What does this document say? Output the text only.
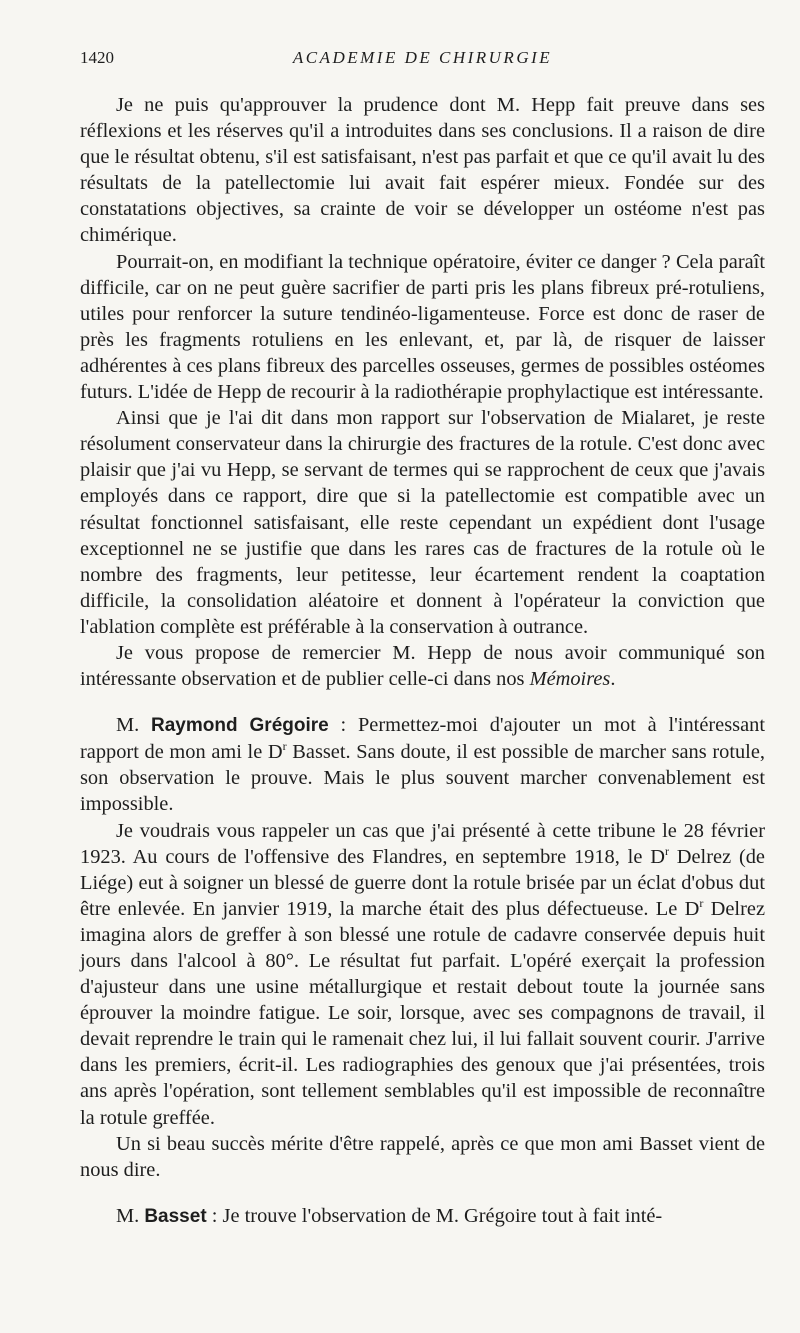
1420	ACADEMIE DE CHIRURGIE

Je ne puis qu'approuver la prudence dont M. Hepp fait preuve dans ses réflexions et les réserves qu'il a introduites dans ses conclusions. Il a raison de dire que le résultat obtenu, s'il est satisfaisant, n'est pas parfait et que ce qu'il avait lu des résultats de la patellectomie lui avait fait espérer mieux. Fondée sur des constatations objectives, sa crainte de voir se développer un ostéome n'est pas chimérique.

Pourrait-on, en modifiant la technique opératoire, éviter ce danger ? Cela paraît difficile, car on ne peut guère sacrifier de parti pris les plans fibreux pré-rotuliens, utiles pour renforcer la suture tendinéo-ligamenteuse. Force est donc de raser de près les fragments rotuliens en les enlevant, et, par là, de risquer de laisser adhérentes à ces plans fibreux des parcelles osseuses, germes de possibles ostéomes futurs. L'idée de Hepp de recourir à la radiothérapie prophylactique est intéressante.

Ainsi que je l'ai dit dans mon rapport sur l'observation de Mialaret, je reste résolument conservateur dans la chirurgie des fractures de la rotule. C'est donc avec plaisir que j'ai vu Hepp, se servant de termes qui se rapprochent de ceux que j'avais employés dans ce rapport, dire que si la patellectomie est compatible avec un résultat fonctionnel satisfaisant, elle reste cependant un expédient dont l'usage exceptionnel ne se justifie que dans les rares cas de fractures de la rotule où le nombre des fragments, leur petitesse, leur écartement rendent la coaptation difficile, la consolidation aléatoire et donnent à l'opérateur la conviction que l'ablation complète est préférable à la conservation à outrance.

Je vous propose de remercier M. Hepp de nous avoir communiqué son intéressante observation et de publier celle-ci dans nos Mémoires.

M. Raymond Grégoire : Permettez-moi d'ajouter un mot à l'intéressant rapport de mon ami le $D^r$ Basset. Sans doute, il est possible de marcher sans rotule, son observation le prouve. Mais le plus souvent marcher convenablement est impossible.

Je voudrais vous rappeler un cas que j'ai présenté à cette tribune le 28 février 1923. Au cours de l'offensive des Flandres, en septembre 1918, le $D^r$ Delrez (de Liége) eut à soigner un blessé de guerre dont la rotule brisée par un éclat d'obus dut être enlevée. En janvier 1919, la marche était des plus défectueuse. Le $D^r$ Delrez imagina alors de greffer à son blessé une rotule de cadavre conservée depuis huit jours dans l'alcool à 80°. Le résultat fut parfait. L'opéré exerçait la profession d'ajusteur dans une usine métallurgique et restait debout toute la journée sans éprouver la moindre fatigue. Le soir, lorsque, avec ses compagnons de travail, il devait reprendre le train qui le ramenait chez lui, il lui fallait souvent courir. J'arrive dans les premiers, écrit-il. Les radiographies des genoux que j'ai présentées, trois ans après l'opération, sont tellement semblables qu'il est impossible de reconnaître la rotule greffée.

Un si beau succès mérite d'être rappelé, après ce que mon ami Basset vient de nous dire.

M. Basset : Je trouve l'observation de M. Grégoire tout à fait inté-
